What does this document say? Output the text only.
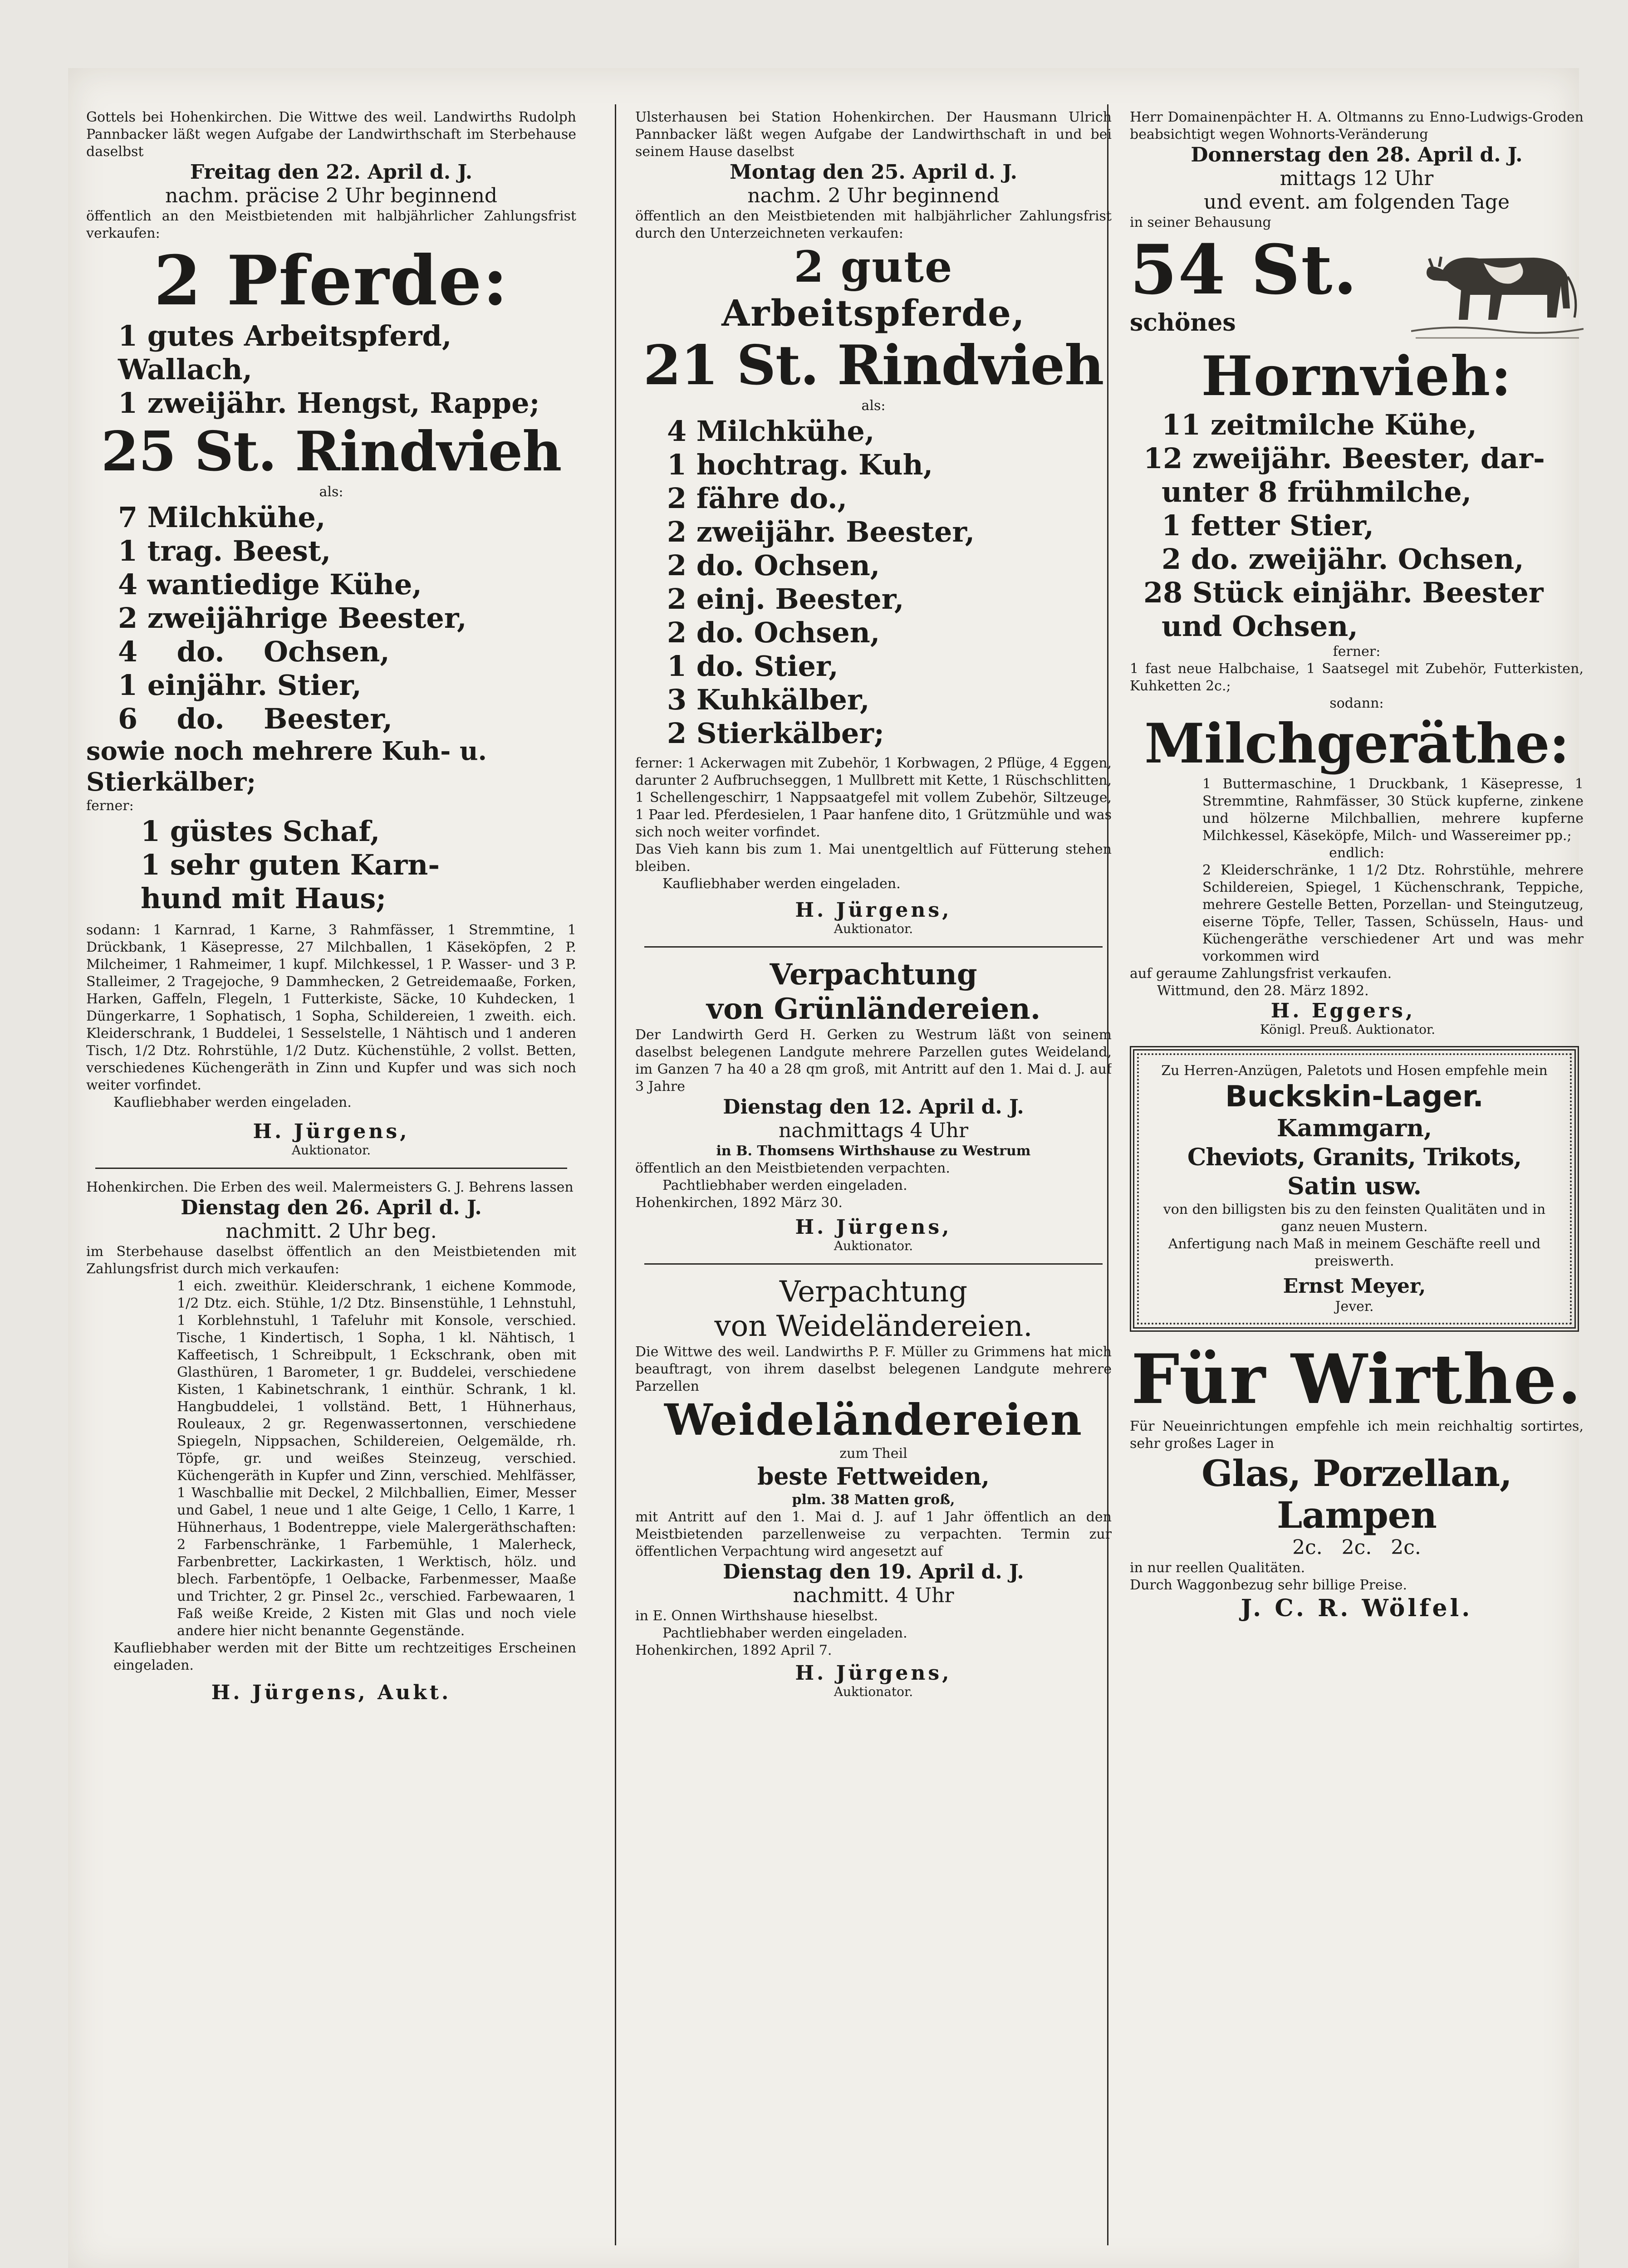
Gottels bei Hohenkirchen. Die Wittwe des weil. Landwirths Rudolph Pannbacker läßt wegen Aufgabe der Landwirthschaft im Sterbehause daselbst

Freitag den 22. April d. J.

nachm. präcise 2 Uhr beginnend

öffentlich an den Meistbietenden mit halbjährlicher Zahlungsfrist verkaufen:

2 Pferde:

1 gutes Arbeitspferd, Wallach,

1 zweijähr. Hengst, Rappe;

25 St. Rindvieh

als:

7 Milchkühe,

1 trag. Beest,

4 wantiedige Kühe,

2 zweijährige Beester,

4    do.    Ochsen,

1 einjähr. Stier,

6    do.    Beester,

sowie noch mehrere Kuh- u. Stierkälber;

ferner:

1 güstes Schaf,

1 sehr guten Karn-

hund mit Haus;

sodann: 1 Karnrad, 1 Karne, 3 Rahmfässer, 1 Stremmtine, 1 Drückbank, 1 Käsepresse, 27 Milchballen, 1 Käseköpfen, 2 P. Milcheimer, 1 Rahmeimer, 1 kupf. Milchkessel, 1 P. Wasser- und 3 P. Stalleimer, 2 Tragejoche, 9 Dammhecken, 2 Getreidemaaße, Forken, Harken, Gaffeln, Flegeln, 1 Futterkiste, Säcke, 10 Kuhdecken, 1 Düngerkarre, 1 Sophatisch, 1 Sopha, Schildereien, 1 zweith. eich. Kleiderschrank, 1 Buddelei, 1 Sesselstelle, 1 Nähtisch und 1 anderen Tisch, 1/2 Dtz. Rohrstühle, 1/2 Dutz. Küchenstühle, 2 vollst. Betten, verschiedenes Küchengeräth in Zinn und Kupfer und was sich noch weiter vorfindet.

Kaufliebhaber werden eingeladen.

H. Jürgens,

Auktionator.

Hohenkirchen. Die Erben des weil. Malermeisters G. J. Behrens lassen

Dienstag den 26. April d. J.

nachmitt. 2 Uhr beg.

im Sterbehause daselbst öffentlich an den Meistbietenden mit Zahlungsfrist durch mich verkaufen:

1 eich. zweithür. Kleiderschrank, 1 eichene Kommode, 1/2 Dtz. eich. Stühle, 1/2 Dtz. Binsenstühle, 1 Lehnstuhl, 1 Korblehnstuhl, 1 Tafeluhr mit Konsole, verschied. Tische, 1 Kindertisch, 1 Sopha, 1 kl. Nähtisch, 1 Kaffeetisch, 1 Schreibpult, 1 Eckschrank, oben mit Glasthüren, 1 Barometer, 1 gr. Buddelei, verschiedene Kisten, 1 Kabinetschrank, 1 einthür. Schrank, 1 kl. Hangbuddelei, 1 vollständ. Bett, 1 Hühnerhaus, Rouleaux, 2 gr. Regenwassertonnen, verschiedene Spiegeln, Nippsachen, Schildereien, Oelgemälde, rh. Töpfe, gr. und weißes Steinzeug, verschied. Küchengeräth in Kupfer und Zinn, verschied. Mehlfässer, 1 Waschballie mit Deckel, 2 Milchballien, Eimer, Messer und Gabel, 1 neue und 1 alte Geige, 1 Cello, 1 Karre, 1 Hühnerhaus, 1 Bodentreppe, viele Malergeräthschaften: 2 Farbenschränke, 1 Farbemühle, 1 Malerheck, Farbenbretter, Lackirkasten, 1 Werktisch, hölz. und blech. Farbentöpfe, 1 Oelbacke, Farbenmesser, Maaße und Trichter, 2 gr. Pinsel 2c., verschied. Farbewaaren, 1 Faß weiße Kreide, 2 Kisten mit Glas und noch viele andere hier nicht benannte Gegenstände.

Kaufliebhaber werden mit der Bitte um rechtzeitiges Erscheinen eingeladen.

H. Jürgens, Aukt.

Ulsterhausen bei Station Hohenkirchen. Der Hausmann Ulrich Pannbacker läßt wegen Aufgabe der Landwirthschaft in und bei seinem Hause daselbst

Montag den 25. April d. J.

nachm. 2 Uhr beginnend

öffentlich an den Meistbietenden mit halbjährlicher Zahlungsfrist durch den Unterzeichneten verkaufen:

2 gute

Arbeitspferde,

21 St. Rindvieh

als:

4 Milchkühe,

1 hochtrag. Kuh,

2 fähre do.,

2 zweijähr. Beester,

2 do. Ochsen,

2 einj. Beester,

2 do. Ochsen,

1 do. Stier,

3 Kuhkälber,

2 Stierkälber;

ferner: 1 Ackerwagen mit Zubehör, 1 Korbwagen, 2 Pflüge, 4 Eggen, darunter 2 Aufbruchseggen, 1 Mullbrett mit Kette, 1 Rüschschlitten, 1 Schellengeschirr, 1 Nappsaatgefel mit vollem Zubehör, Siltzeuge, 1 Paar led. Pferdesielen, 1 Paar hanfene dito, 1 Grützmühle und was sich noch weiter vorfindet.

Das Vieh kann bis zum 1. Mai unentgeltlich auf Fütterung stehen bleiben.

Kaufliebhaber werden eingeladen.

H. Jürgens,

Auktionator.

Verpachtung

von Grünländereien.

Der Landwirth Gerd H. Gerken zu Westrum läßt von seinem daselbst belegenen Landgute mehrere Parzellen gutes Weideland, im Ganzen 7 ha 40 a 28 qm groß, mit Antritt auf den 1. Mai d. J. auf 3 Jahre

Dienstag den 12. April d. J.

nachmittags 4 Uhr

in B. Thomsens Wirthshause zu Westrum

öffentlich an den Meistbietenden verpachten.

Pachtliebhaber werden eingeladen.

Hohenkirchen, 1892 März 30.

H. Jürgens,

Auktionator.

Verpachtung

von Weideländereien.

Die Wittwe des weil. Landwirths P. F. Müller zu Grimmens hat mich beauftragt, von ihrem daselbst belegenen Landgute mehrere Parzellen

Weideländereien

zum Theil

beste Fettweiden,

plm. 38 Matten groß,

mit Antritt auf den 1. Mai d. J. auf 1 Jahr öffentlich an den Meistbietenden parzellenweise zu verpachten. Termin zur öffentlichen Verpachtung wird angesetzt auf

Dienstag den 19. April d. J.

nachmitt. 4 Uhr

in E. Onnen Wirthshause hieselbst.

Pachtliebhaber werden eingeladen.

Hohenkirchen, 1892 April 7.

H. Jürgens,

Auktionator.

Herr Domainenpächter H. A. Oltmanns zu Enno-Ludwigs-Groden beabsichtigt wegen Wohnorts-Veränderung

Donnerstag den 28. April d. J.

mittags 12 Uhr

und event. am folgenden Tage

in seiner Behausung

54 St.

schönes

Hornvieh:

11 zeitmilche Kühe,

12 zweijähr. Beester, dar-

unter 8 frühmilche,

1 fetter Stier,

2 do. zweijähr. Ochsen,

28 Stück einjähr. Beester

und Ochsen,

ferner:

1 fast neue Halbchaise, 1 Saatsegel mit Zubehör, Futterkisten, Kuhketten 2c.;

sodann:

Milchgeräthe:

1 Buttermaschine, 1 Druckbank, 1 Käsepresse, 1 Stremmtine, Rahmfässer, 30 Stück kupferne, zinkene und hölzerne Milchballien, mehrere kupferne Milchkessel, Käseköpfe, Milch- und Wassereimer pp.;

endlich:

2 Kleiderschränke, 1 1/2 Dtz. Rohrstühle, mehrere Schildereien, Spiegel, 1 Küchenschrank, Teppiche, mehrere Gestelle Betten, Porzellan- und Steingutzeug, eiserne Töpfe, Teller, Tassen, Schüsseln, Haus- und Küchengeräthe verschiedener Art und was mehr vorkommen wird

auf geraume Zahlungsfrist verkaufen.

Wittmund, den 28. März 1892.

H. Eggers,

Königl. Preuß. Auktionator.

Zu Herren-Anzügen, Paletots und Hosen empfehle mein

Buckskin-Lager.

Kammgarn,

Cheviots, Granits, Trikots,

Satin usw.

von den billigsten bis zu den feinsten Qualitäten und in ganz neuen Mustern.

Anfertigung nach Maß in meinem Geschäfte reell und preiswerth.

Ernst Meyer,

Jever.

Für Wirthe.

Für Neueinrichtungen empfehle ich mein reichhaltig sortirtes, sehr großes Lager in

Glas, Porzellan, Lampen

2c.   2c.   2c.

in nur reellen Qualitäten.

Durch Waggonbezug sehr billige Preise.

J. C. R. Wölfel.
